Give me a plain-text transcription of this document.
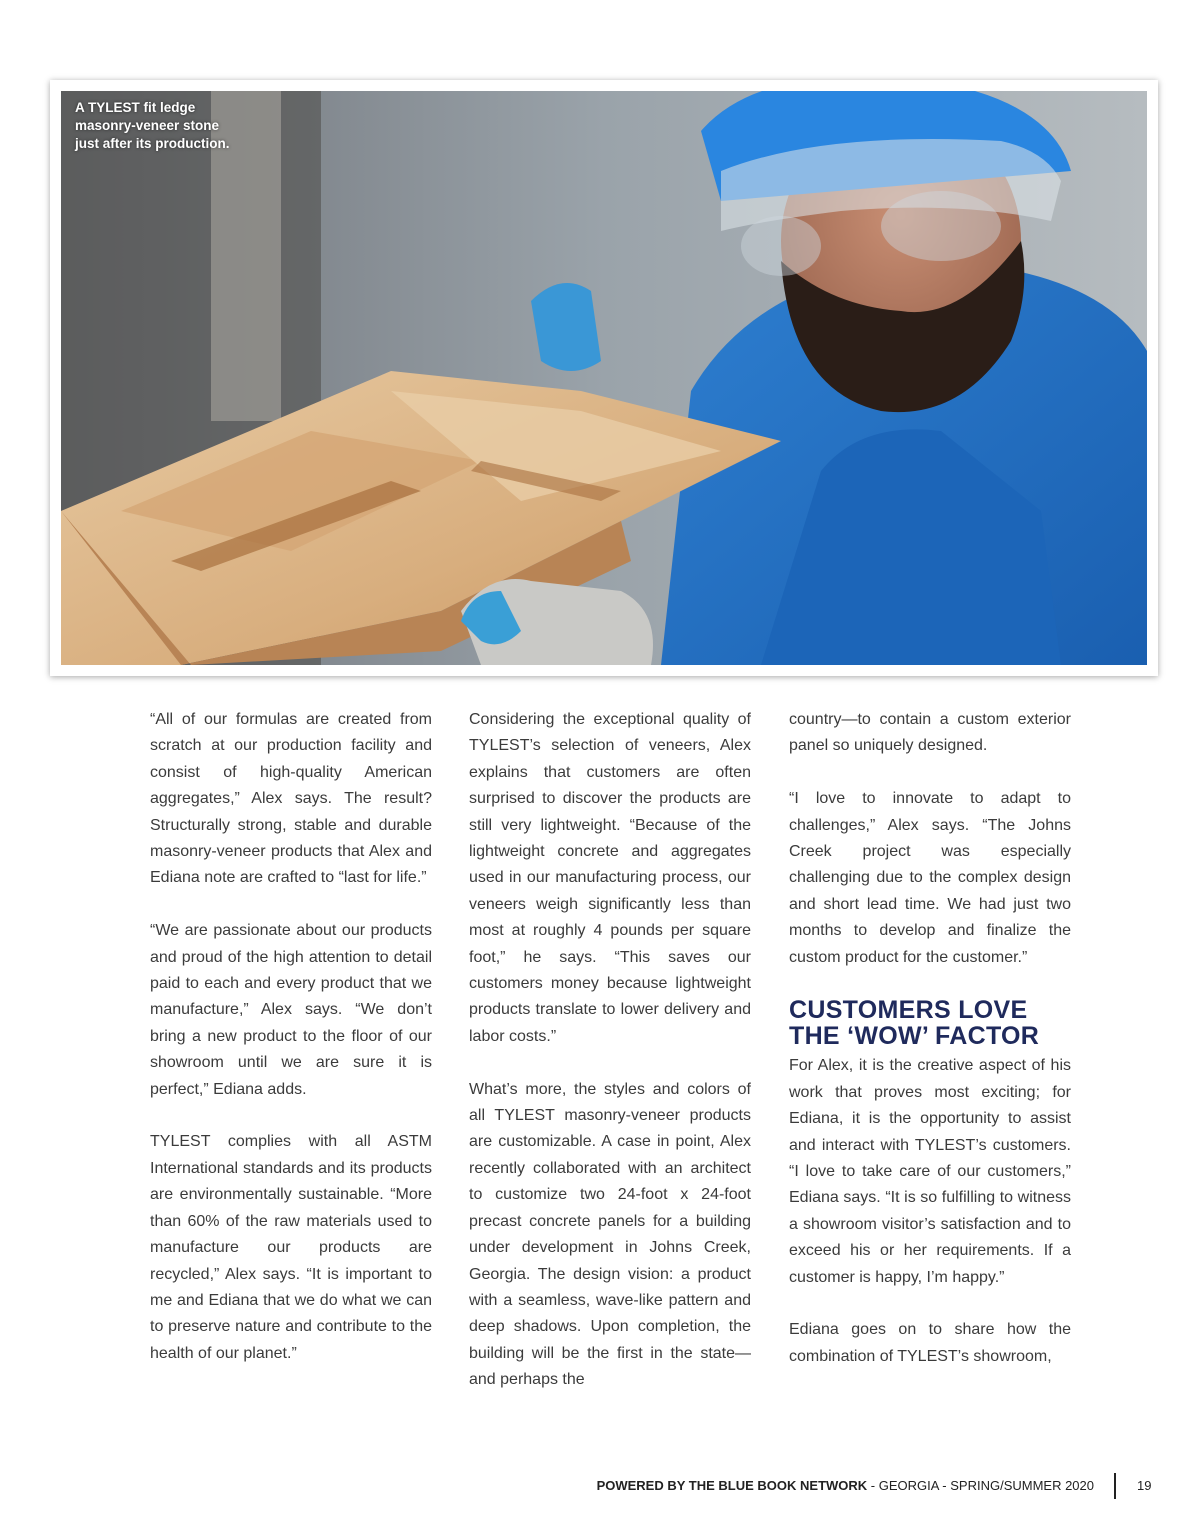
A TYLEST fit ledge
masonry-veneer stone
just after its production.

“All of our formulas are created from scratch at our production facility and consist of high-quality American aggregates,” Alex says. The result? Structurally strong, stable and durable masonry-veneer products that Alex and Ediana note are crafted to “last for life.”

“We are passionate about our products and proud of the high attention to detail paid to each and every product that we manufacture,” Alex says. “We don’t bring a new product to the floor of our showroom until we are sure it is perfect,” Ediana adds.

TYLEST complies with all ASTM International standards and its products are environmentally sustainable. “More than 60% of the raw materials used to manufacture our products are recycled,” Alex says. “It is important to me and Ediana that we do what we can to preserve nature and contribute to the health of our planet.”

Considering the exceptional quality of TYLEST’s selection of veneers, Alex explains that customers are often surprised to discover the products are still very lightweight. “Because of the lightweight concrete and aggregates used in our manufacturing process, our veneers weigh significantly less than most at roughly 4 pounds per square foot,” he says. “This saves our customers money because lightweight products translate to lower delivery and labor costs.”

What’s more, the styles and colors of all TYLEST masonry-veneer products are customizable. A case in point, Alex recently collaborated with an architect to customize two 24-foot x 24-foot precast concrete panels for a building under development in Johns Creek, Georgia. The design vision: a product with a seamless, wave-like pattern and deep shadows. Upon completion, the building will be the first in the state—and perhaps the

country—to contain a custom exterior panel so uniquely designed.

“I love to innovate to adapt to challenges,” Alex says. “The Johns Creek project was especially challenging due to the complex design and short lead time. We had just two months to develop and finalize the custom product for the customer.”

CUSTOMERS LOVE
THE ‘WOW’ FACTOR

For Alex, it is the creative aspect of his work that proves most exciting; for Ediana, it is the opportunity to assist and interact with TYLEST’s customers. “I love to take care of our customers,” Ediana says. “It is so fulfilling to witness a showroom visitor’s satisfaction and to exceed his or her requirements. If a customer is happy, I’m happy.”

Ediana goes on to share how the combination of TYLEST’s showroom,

POWERED BY THE BLUE BOOK NETWORK - GEORGIA - SPRING/SUMMER 2020	19
